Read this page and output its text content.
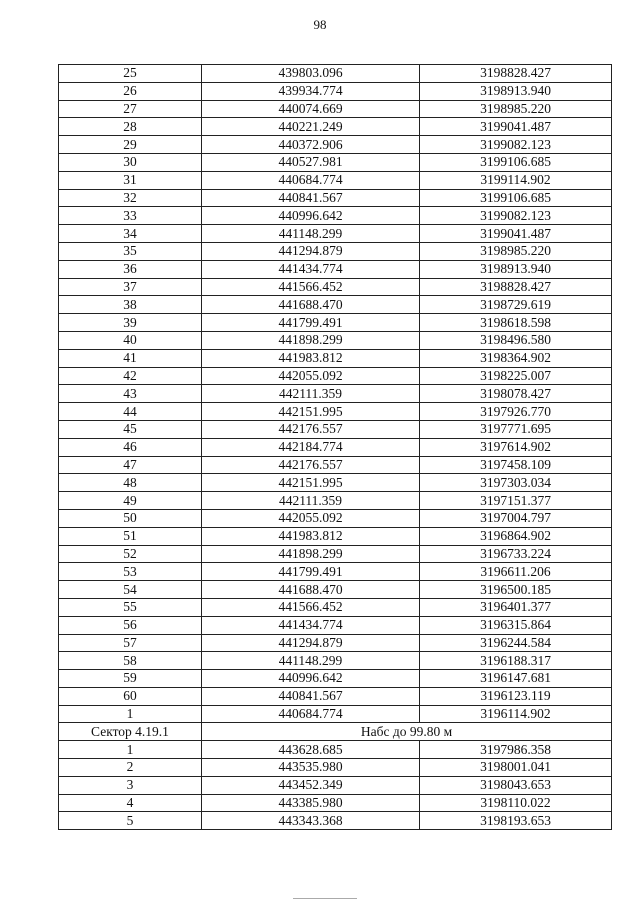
98
25	439803.096	3198828.427
26	439934.774	3198913.940
27	440074.669	3198985.220
28	440221.249	3199041.487
29	440372.906	3199082.123
30	440527.981	3199106.685
31	440684.774	3199114.902
32	440841.567	3199106.685
33	440996.642	3199082.123
34	441148.299	3199041.487
35	441294.879	3198985.220
36	441434.774	3198913.940
37	441566.452	3198828.427
38	441688.470	3198729.619
39	441799.491	3198618.598
40	441898.299	3198496.580
41	441983.812	3198364.902
42	442055.092	3198225.007
43	442111.359	3198078.427
44	442151.995	3197926.770
45	442176.557	3197771.695
46	442184.774	3197614.902
47	442176.557	3197458.109
48	442151.995	3197303.034
49	442111.359	3197151.377
50	442055.092	3197004.797
51	441983.812	3196864.902
52	441898.299	3196733.224
53	441799.491	3196611.206
54	441688.470	3196500.185
55	441566.452	3196401.377
56	441434.774	3196315.864
57	441294.879	3196244.584
58	441148.299	3196188.317
59	440996.642	3196147.681
60	440841.567	3196123.119
1	440684.774	3196114.902
Сектор 4.19.1	Набс до 99.80 м	
1	443628.685	3197986.358
2	443535.980	3198001.041
3	443452.349	3198043.653
4	443385.980	3198110.022
5	443343.368	3198193.653
